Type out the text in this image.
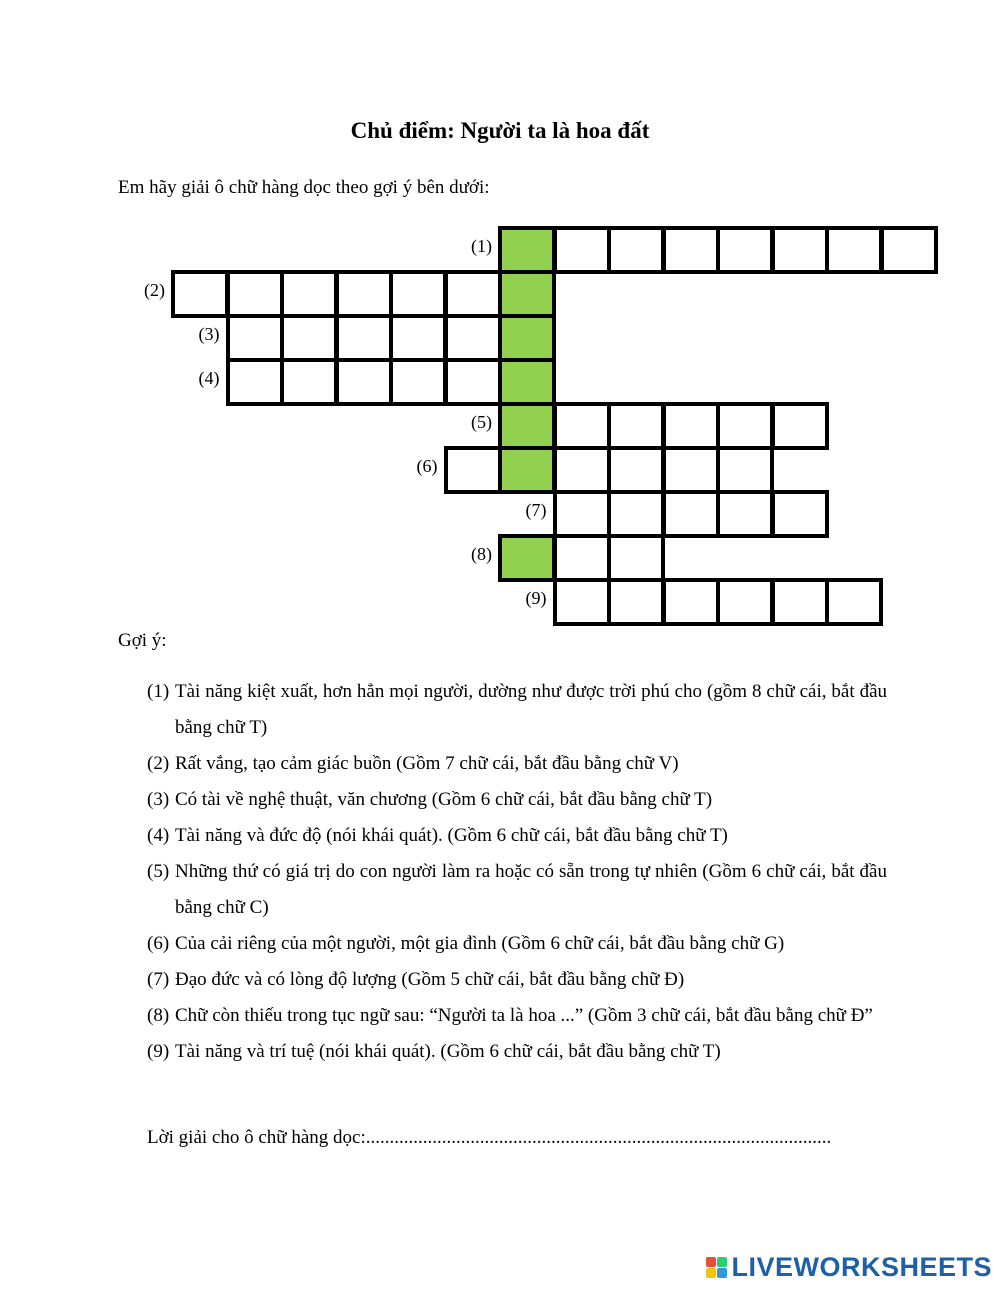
Chủ điểm: Người ta là hoa đất
Em hãy giải ô chữ hàng dọc theo gợi ý bên dưới:
(1)
(2)
(3)
(4)
(5)
(6)
(7)
(8)
(9)
Gợi ý:
(1) Tài năng kiệt xuất, hơn hẳn mọi người, dường như được trời phú cho (gồm 8 chữ cái, bắt đầu bằng chữ T)
(2) Rất vắng, tạo cảm giác buồn (Gồm 7 chữ cái, bắt đầu bằng chữ V)
(3) Có tài về nghệ thuật, văn chương (Gồm 6 chữ cái, bắt đầu bằng chữ T)
(4) Tài năng và đức độ (nói khái quát). (Gồm 6 chữ cái, bắt đầu bằng chữ T)
(5) Những thứ có giá trị do con người làm ra hoặc có sẵn trong tự nhiên (Gồm 6 chữ cái, bắt đầu bằng chữ C)
(6) Của cải riêng của một người, một gia đình (Gồm 6 chữ cái, bắt đầu bằng chữ G)
(7) Đạo đức và có lòng độ lượng (Gồm 5 chữ cái, bắt đầu bằng chữ Đ)
(8) Chữ còn thiếu trong tục ngữ sau: “Người ta là hoa ...” (Gồm 3 chữ cái, bắt đầu bằng chữ Đ”
(9) Tài năng và trí tuệ (nói khái quát). (Gồm 6 chữ cái, bắt đầu bằng chữ T)
Lời giải cho ô chữ hàng dọc:..................................................................................................
LIVEWORKSHEETS
